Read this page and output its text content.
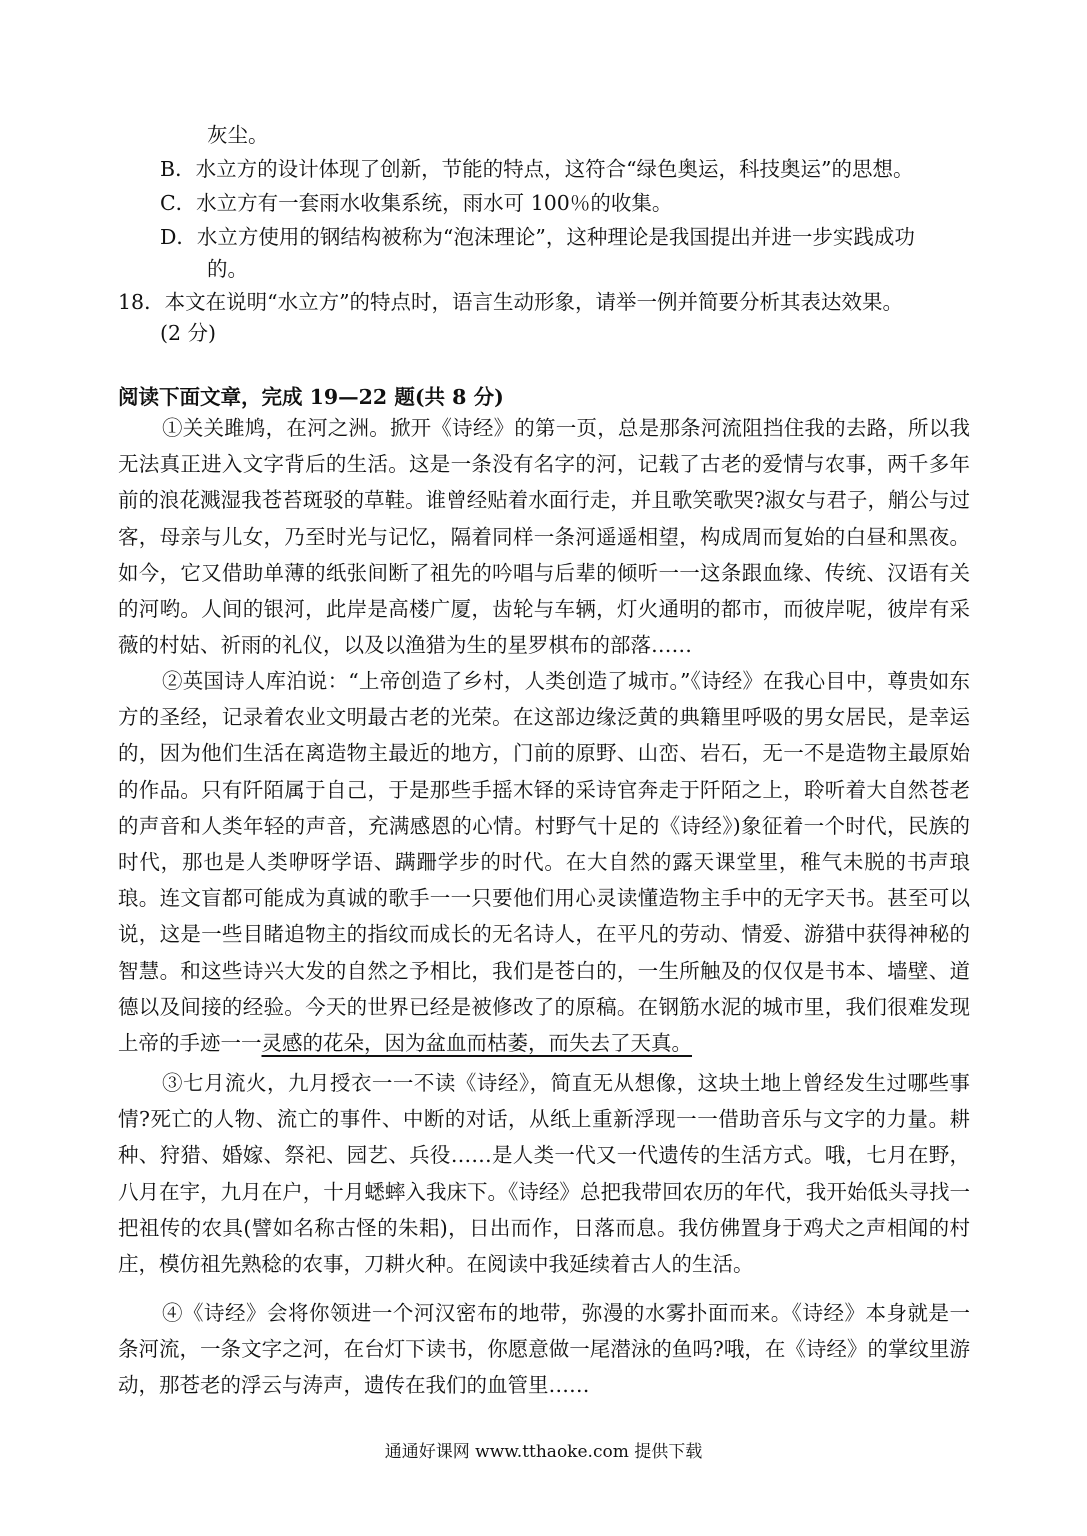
灰尘。
B．水立方的设计体现了创新，节能的特点，这符合“绿色奥运，科技奥运”的思想。
C．水立方有一套雨水收集系统，雨水可 100％的收集。
D．水立方使用的钢结构被称为“泡沫理论”，这种理论是我国提出并进一步实践成功
的。
18．本文在说明“水立方”的特点时，语言生动形象，请举一例并简要分析其表达效果。
(2 分)
阅读下面文章，完成 19—22 题(共 8 分)

①关关雎鸠，在河之洲。掀开《诗经》的第一页，总是那条河流阻挡住我的去路，所以我无法真正进入文字背后的生活。这是一条没有名字的河，记载了古老的爱情与农事，两千多年前的浪花溅湿我苍苔斑驳的草鞋。谁曾经贴着水面行走，并且歌笑歌哭?淑女与君子，艄公与过客，母亲与儿女，乃至时光与记忆，隔着同样一条河遥遥相望，构成周而复始的白昼和黑夜。如今，它又借助单薄的纸张间断了祖先的吟唱与后辈的倾听一一这条跟血缘、传统、汉语有关的河哟。人间的银河，此岸是高楼广厦，齿轮与车辆，灯火通明的都市，而彼岸呢，彼岸有采薇的村姑、祈雨的礼仪，以及以渔猎为生的星罗棋布的部落……

②英国诗人库泊说：“上帝创造了乡村，人类创造了城市。”《诗经》在我心目中，尊贵如东方的圣经，记录着农业文明最古老的光荣。在这部边缘泛黄的典籍里呼吸的男女居民，是幸运的，因为他们生活在离造物主最近的地方，门前的原野、山峦、岩石，无一不是造物主最原始的作品。只有阡陌属于自己，于是那些手摇木铎的采诗官奔走于阡陌之上，聆听着大自然苍老的声音和人类年轻的声音，充满感恩的心情。村野气十足的《诗经》)象征着一个时代，民族的时代，那也是人类咿呀学语、蹒跚学步的时代。在大自然的露天课堂里，稚气未脱的书声琅琅。连文盲都可能成为真诚的歌手一一只要他们用心灵读懂造物主手中的无字天书。甚至可以说，这是一些目睹追物主的指纹而成长的无名诗人，在平凡的劳动、情爱、游猎中获得神秘的智慧。和这些诗兴大发的自然之予相比，我们是苍白的，一生所触及的仅仅是书本、墙壁、道德以及间接的经验。今天的世界已经是被修改了的原稿。在钢筋水泥的城市里，我们很难发现上帝的手迹一一灵感的花朵，因为盆血而枯萎，而失去了天真。

③七月流火，九月授衣一一不读《诗经》，简直无从想像，这块土地上曾经发生过哪些事情?死亡的人物、流亡的事件、中断的对话，从纸上重新浮现一一借助音乐与文字的力量。耕种、狩猎、婚嫁、祭祀、园艺、兵役……是人类一代又一代遗传的生活方式。哦，七月在野，八月在宇，九月在户，十月蟋蟀入我床下。《诗经》总把我带回农历的年代，我开始低头寻找一把祖传的农具(譬如名称古怪的朱耜)，日出而作，日落而息。我仿佛置身于鸡犬之声相闻的村庄，模仿祖先熟稔的农事，刀耕火种。在阅读中我延续着古人的生活。

④《诗经》会将你领进一个河汉密布的地带，弥漫的水雾扑面而来。《诗经》本身就是一条河流，一条文字之河，在台灯下读书，你愿意做一尾潜泳的鱼吗?哦，在《诗经》的掌纹里游动，那苍老的浮云与涛声，遗传在我们的血管里……

通通好课网 www.tthaoke.com 提供下载
